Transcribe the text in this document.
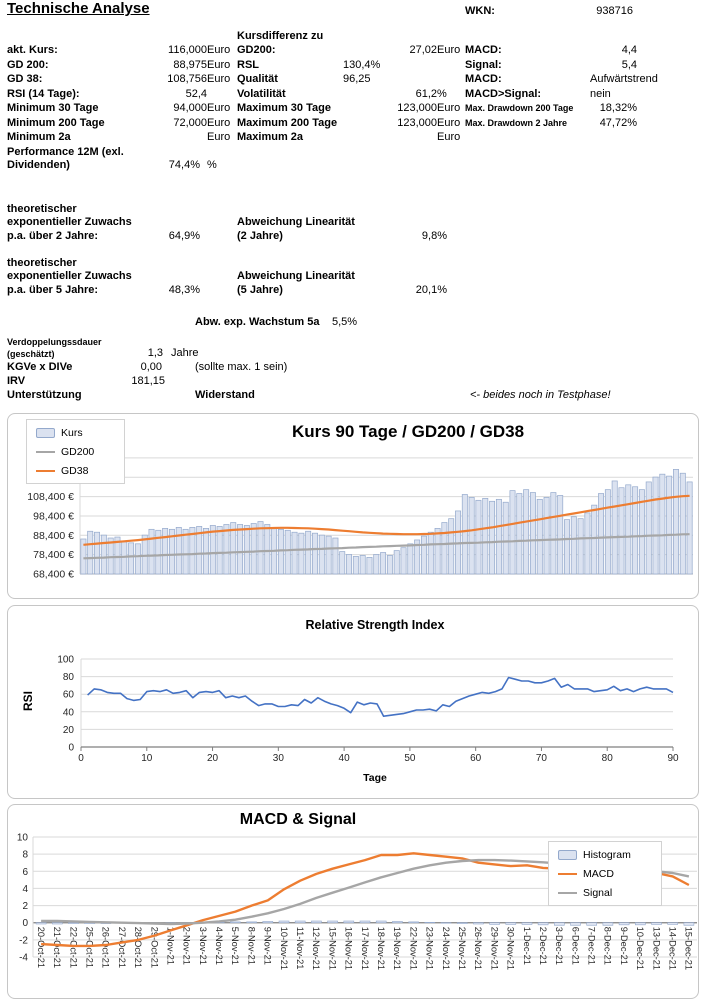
Technische Analyse	WKN:	938716
Kursdifferenz zu
akt. Kurs:	116,000 Euro GD200:	27,02 Euro MACD:	4,4
GD 200:	88,975 Euro RSL	130,4%	Signal:	5,4
GD 38:	108,756 Euro Qualität	96,25	MACD:	Aufwärtstrend
RSI (14 Tage):	52,4	Volatilität	61,2 %	MACD>Signal:	nein
Minimum 30 Tage	94,000 Euro Maximum 30 Tage	123,000 Euro Max. Drawdown 200 Tage	18,32%
Minimum 200 Tage	72,000 Euro Maximum 200 Tage	123,000 Euro Max. Drawdown 2 Jahre	47,72%
Minimum 2a	Euro Maximum 2a	Euro
Performance 12M (exl.
Dividenden)	74,4% %
theoretischer
exponentieller Zuwachs
p.a. über 2 Jahre:	64,9%
Abweichung Linearität
(2 Jahre)	9,8%
theoretischer
exponentieller Zuwachs
p.a. über 5 Jahre:	48,3%
Abweichung Linearität
(5 Jahre)	20,1%
Abw. exp. Wachstum 5a 5,5%
Verdoppelungssdauer
(geschätzt)	1,3 Jahre
KGVe x DIVe	0,00	(sollte max. 1 sein)
IRV	181,15
Unterstützung	Widerstand	<- beides noch in Testphase!
108,400 €
98,400 €
88,400 €
78,400 €
68,400 €
Kurs 90 Tage / GD200 / GD38
Kurs
GD200
GD38
0
20
40
60
80
100
0	10	20	30	40	50	60	70	80	90
Relative Strength Index
RSI
Tage
-4
-2
0
2
4
6
8
10
20-Oct-21 21-Oct-21 22-Oct-21 25-Oct-21 26-Oct-21 27-Oct-21 28-Oct-21 29-Oct-21 1-Nov-21 2-Nov-21 3-Nov-21 4-Nov-21 5-Nov-21 8-Nov-21 9-Nov-21 10-Nov-21 11-Nov-21 12-Nov-21 15-Nov-21 16-Nov-21 17-Nov-21 18-Nov-21 19-Nov-21 22-Nov-21 23-Nov-21 24-Nov-21 25-Nov-21 26-Nov-21 29-Nov-21 30-Nov-21 1-Dec-21 2-Dec-21 3-Dec-21 6-Dec-21 7-Dec-21 8-Dec-21 9-Dec-21 10-Dec-21 13-Dec-21 14-Dec-21 15-Dec-21
MACD & Signal
Histogram
MACD
Signal
